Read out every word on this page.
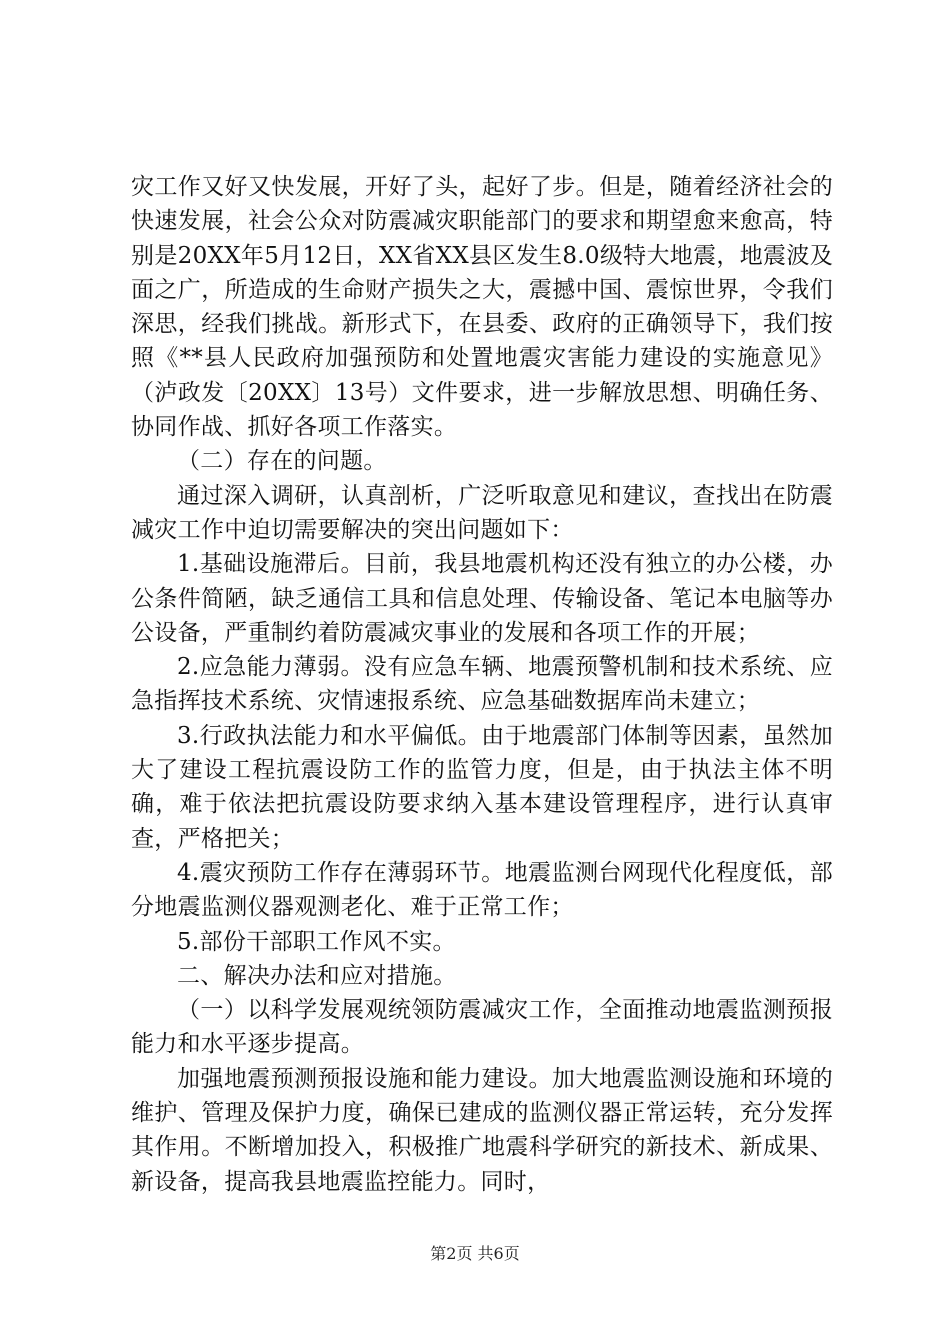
灾工作又好又快发展，开好了头，起好了步。但是，随着经济社会的快速发展，社会公众对防震减灾职能部门的要求和期望愈来愈高，特别是20XX年5月12日，XX省XX县区发生8.0级特大地震，地震波及面之广，所造成的生命财产损失之大，震撼中国、震惊世界，令我们深思，经我们挑战。新形式下，在县委、政府的正确领导下，我们按照《**县人民政府加强预防和处置地震灾害能力建设的实施意见》（泸政发〔20XX〕13号）文件要求，进一步解放思想、明确任务、协同作战、抓好各项工作落实。

（二）存在的问题。

通过深入调研，认真剖析，广泛听取意见和建议，查找出在防震减灾工作中迫切需要解决的突出问题如下：

1.基础设施滞后。目前，我县地震机构还没有独立的办公楼，办公条件简陋，缺乏通信工具和信息处理、传输设备、笔记本电脑等办公设备，严重制约着防震减灾事业的发展和各项工作的开展；

2.应急能力薄弱。没有应急车辆、地震预警机制和技术系统、应急指挥技术系统、灾情速报系统、应急基础数据库尚未建立；

3.行政执法能力和水平偏低。由于地震部门体制等因素，虽然加大了建设工程抗震设防工作的监管力度，但是，由于执法主体不明确，难于依法把抗震设防要求纳入基本建设管理程序，进行认真审查，严格把关；

4.震灾预防工作存在薄弱环节。地震监测台网现代化程度低，部分地震监测仪器观测老化、难于正常工作；

5.部份干部职工作风不实。

二、解决办法和应对措施。

（一）以科学发展观统领防震减灾工作，全面推动地震监测预报能力和水平逐步提高。

加强地震预测预报设施和能力建设。加大地震监测设施和环境的维护、管理及保护力度，确保已建成的监测仪器正常运转，充分发挥其作用。不断增加投入，积极推广地震科学研究的新技术、新成果、新设备，提高我县地震监控能力。同时，

第2页 共6页
